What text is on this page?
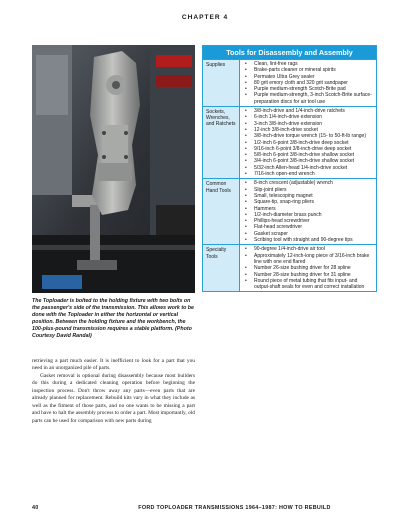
CHAPTER 4
The Toploader is bolted to the holding fixture with two bolts on the passenger's side of the transmission. This allows work to be done with the Toploader in either the horizontal or vertical position. Between the holding fixture and the workbench, the 100-plus-pound transmission requires a stable platform. (Photo Courtesy David Randal)

retrieving a part much easier. It is inefficient to look for a part that you need in an unorganized pile of parts.

Gasket removal is optional during disassembly because most builders do this during a dedicated cleaning operation before beginning the inspection process. Don't throw away any parts—even parts that are already planned for replacement. Rebuild kits vary in what they include as well as the fitment of those parts, and no one wants to be missing a part and have to halt the assembly process to order a part. Most importantly, old parts can be used for comparison with new parts during

Tools for Disassembly and Assembly
Supplies
•	Clean, lint-free rags
• Brake-parts cleaner or mineral spirits
• Permatex Ultra Grey sealer
• 80 grit emory cloth and 320 grit sandpaper
• Purple medium-strength Scotch-Brite pad
• Purple medium-strength, 3-inch Scotch-Brite surface-preparation discs for air tool use
Sockets, Wrenches, and Ratchets
• 3/8-inch-drive and 1/4-inch-drive ratchets
• 6-inch 1/4-inch-drive extension
• 3-inch 3/8-inch-drive extension
• 12-inch 3/8-inch-drive socket
• 3/8-inch-drive torque wrench (15- to 50-ft-lb range)
• 1/2-inch 6-point 3/8-inch-drive deep socket
• 9/16-inch 6-point 3/8-inch-drive deep socket
• 5/8-inch 6-point 3/8-inch-drive shallow socket
• 3/4-inch 6-point 3/8-inch-drive shallow socket
• 5/32-inch Allen-head 1/4-inch-drive socket
• 7/16-inch open-end wrench
Common Hand Tools
• 8-inch crescent (adjustable) wrench
• Slip-joint pliers
• Small, telescoping magnet
• Square-tip, snap-ring pliers
• Hammers
• 1/2-inch-diameter brass punch
• Phillips-head screwdriver
• Flat-head screwdriver
• Gasket scraper
• Scribing tool with straight and 90-degree tips
Specialty Tools
• 90-degree 1/4-inch-drive air tool
• Approximately 12-inch-long piece of 3/16-inch brake line with one end flared
• Number 26-size bushing driver for 28 spline
• Number 28-size bushing driver for 31 spline
• Round piece of metal tubing that fits input- and output-shaft seals for even and correct installation
40	FORD TOPLOADER TRANSMISSIONS 1964–1987: HOW TO REBUILD
